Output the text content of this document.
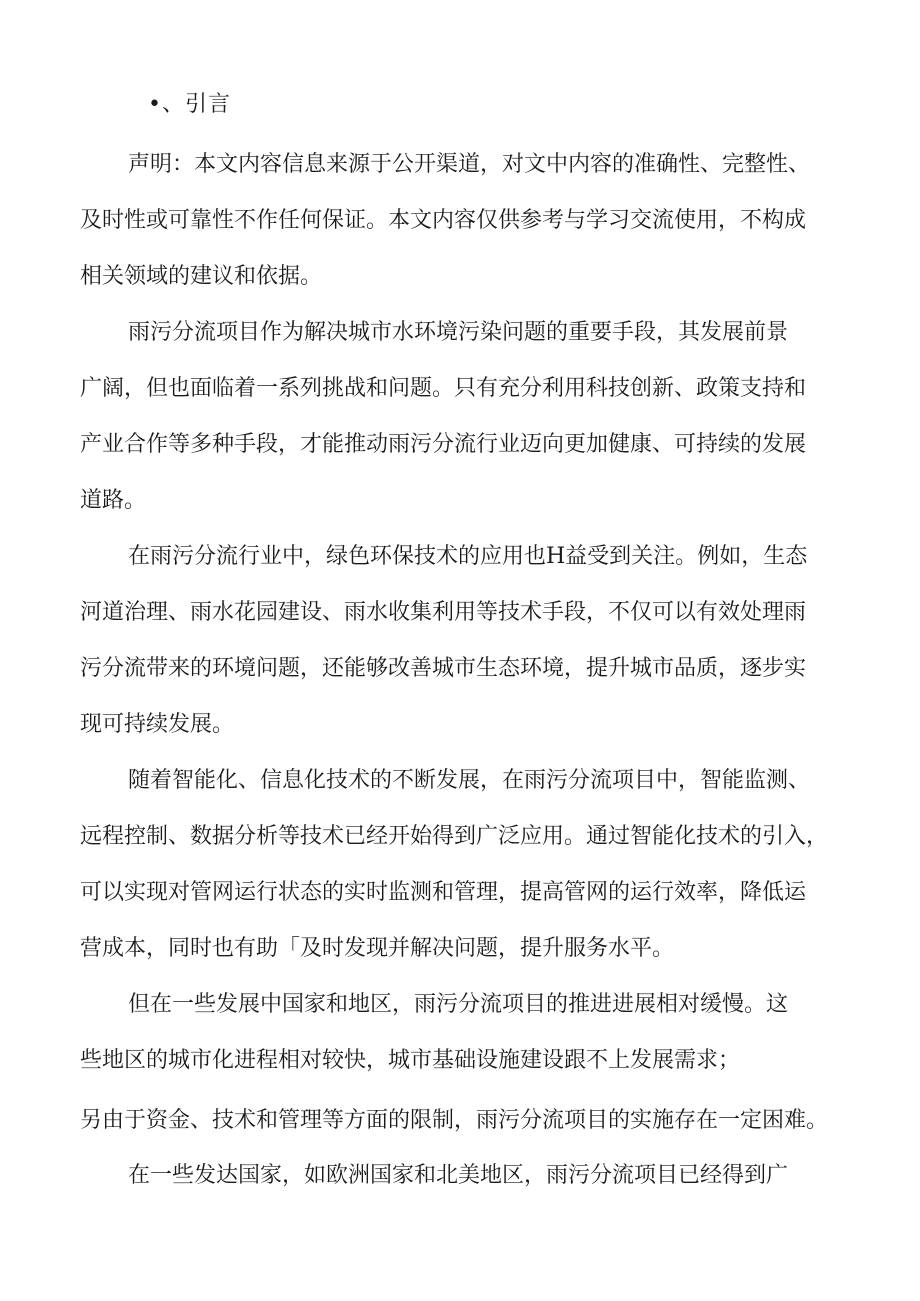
•、引言
声明：本文内容信息来源于公开渠道，对文中内容的准确性、完整性、
及时性或可靠性不作任何保证。本文内容仅供参考与学习交流使用，不构成
相关领域的建议和依据。
雨污分流项目作为解决城市水环境污染问题的重要手段，其发展前景
广阔，但也面临着一系列挑战和问题。只有充分利用科技创新、政策支持和
产业合作等多种手段，才能推动雨污分流行业迈向更加健康、可持续的发展
道路。
在雨污分流行业中，绿色环保技术的应用也H益受到关注。例如，生态
河道治理、雨水花园建设、雨水收集利用等技术手段，不仅可以有效处理雨
污分流带来的环境问题，还能够改善城市生态环境，提升城市品质，逐步实
现可持续发展。
随着智能化、信息化技术的不断发展，在雨污分流项目中，智能监测、
远程控制、数据分析等技术已经开始得到广泛应用。通过智能化技术的引入，
可以实现对管网运行状态的实时监测和管理，提高管网的运行效率，降低运
营成本，同时也有助「及时发现并解决问题，提升服务水平。
但在一些发展中国家和地区，雨污分流项目的推进进展相对缓慢。这
些地区的城市化进程相对较快，城市基础设施建设跟不上发展需求；
另由于资金、技术和管理等方面的限制，雨污分流项目的实施存在一定困难。
在一些发达国家，如欧洲国家和北美地区，雨污分流项目已经得到广
